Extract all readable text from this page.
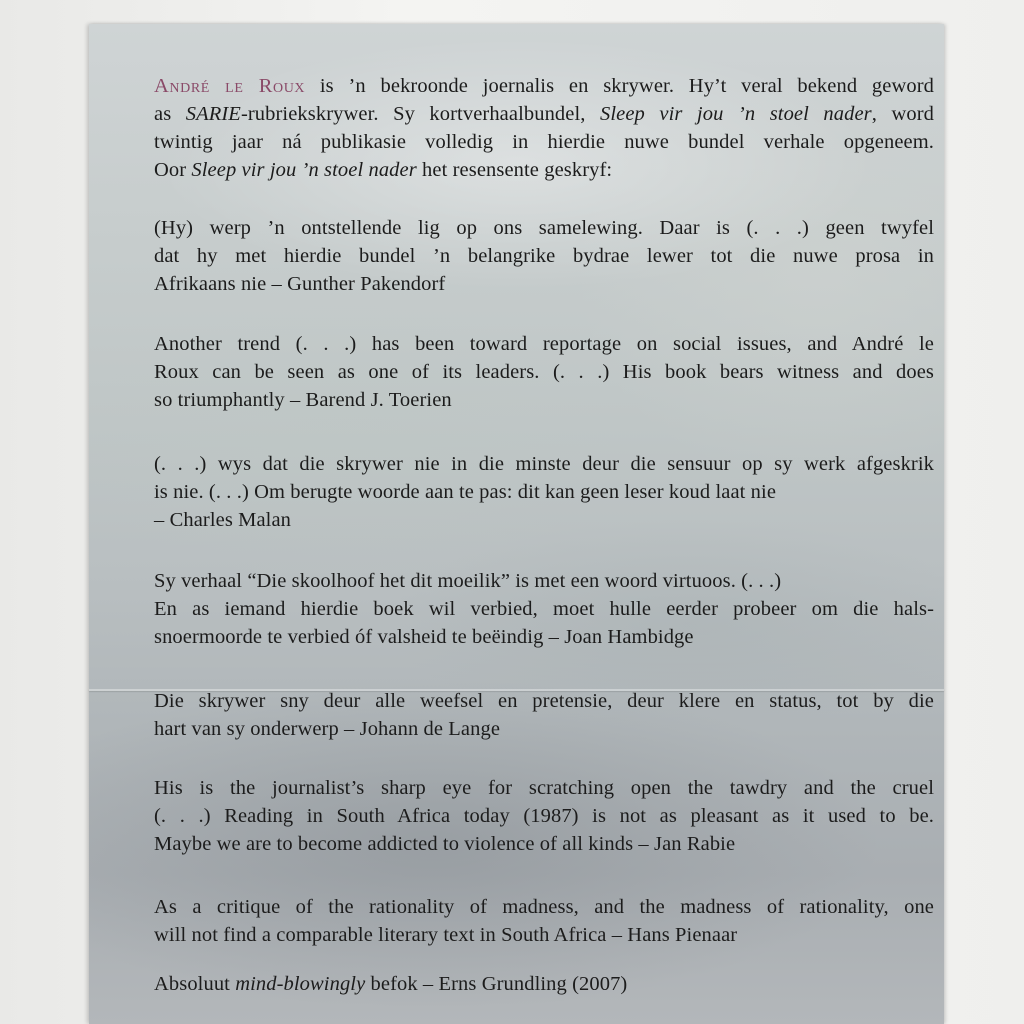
André le Roux is ’n bekroonde joernalis en skrywer. Hy’t veral bekend geword
as SARIE-rubriekskrywer. Sy kortverhaalbundel, Sleep vir jou ’n stoel nader, word
twintig jaar ná publikasie volledig in hierdie nuwe bundel verhale opgeneem.
Oor Sleep vir jou ’n stoel nader het resensente geskryf:
(Hy) werp ’n ontstellende lig op ons samelewing. Daar is (. . .) geen twyfel
dat hy met hierdie bundel ’n belangrike bydrae lewer tot die nuwe prosa in
Afrikaans nie – Gunther Pakendorf
Another trend (. . .) has been toward reportage on social issues, and André le
Roux can be seen as one of its leaders. (. . .) His book bears witness and does
so triumphantly – Barend J. Toerien
(. . .) wys dat die skrywer nie in die minste deur die sensuur op sy werk afgeskrik
is nie. (. . .) Om berugte woorde aan te pas: dit kan geen leser koud laat nie
– Charles Malan
Sy verhaal “Die skoolhoof het dit moeilik” is met een woord virtuoos. (. . .)
En as iemand hierdie boek wil verbied, moet hulle eerder probeer om die hals-
snoermoorde te verbied óf valsheid te beëindig – Joan Hambidge
Die skrywer sny deur alle weefsel en pretensie, deur klere en status, tot by die
hart van sy onderwerp – Johann de Lange
His is the journalist’s sharp eye for scratching open the tawdry and the cruel
(. . .) Reading in South Africa today (1987) is not as pleasant as it used to be.
Maybe we are to become addicted to violence of all kinds – Jan Rabie
As a critique of the rationality of madness, and the madness of rationality, one
will not find a comparable literary text in South Africa – Hans Pienaar
Absoluut mind-blowingly befok – Erns Grundling (2007)
